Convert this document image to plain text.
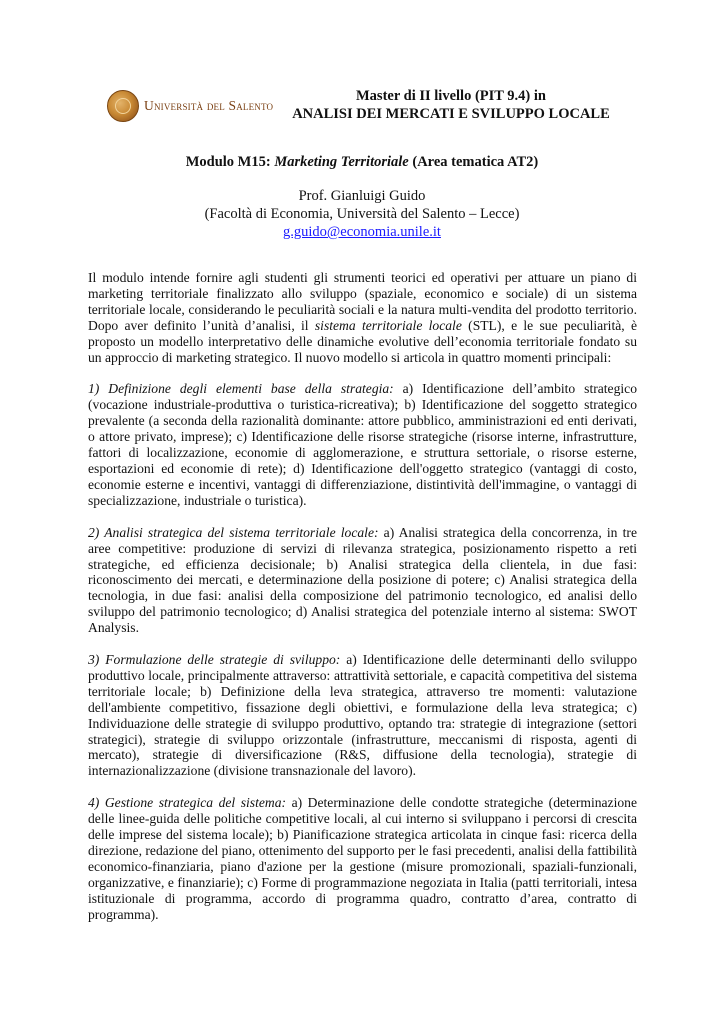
Università del Salento
Master di II livello (PIT 9.4) in
ANALISI DEI MERCATI E SVILUPPO LOCALE
Modulo M15: Marketing Territoriale (Area tematica AT2)
Prof. Gianluigi Guido
(Facoltà di Economia, Università del Salento – Lecce)
g.guido@economia.unile.it

Il modulo intende fornire agli studenti gli strumenti teorici ed operativi per attuare un piano di marketing territoriale finalizzato allo sviluppo (spaziale, economico e sociale) di un sistema territoriale locale, considerando le peculiarità sociali e la natura multi-vendita del prodotto territorio. Dopo aver definito l’unità d’analisi, il sistema territoriale locale (STL), e le sue peculiarità, è proposto un modello interpretativo delle dinamiche evolutive dell’economia territoriale fondato su un approccio di marketing strategico. Il nuovo modello si articola in quattro momenti principali:

1) Definizione degli elementi base della strategia: a) Identificazione dell’ambito strategico (vocazione industriale-produttiva o turistica-ricreativa); b) Identificazione del soggetto strategico prevalente (a seconda della razionalità dominante: attore pubblico, amministrazioni ed enti derivati, o attore privato, imprese); c) Identificazione delle risorse strategiche (risorse interne, infrastrutture, fattori di localizzazione, economie di agglomerazione, e struttura settoriale, o risorse esterne, esportazioni ed economie di rete); d) Identificazione dell'oggetto strategico (vantaggi di costo, economie esterne e incentivi, vantaggi di differenziazione, distintività dell'immagine, o vantaggi di specializzazione, industriale o turistica).

2) Analisi strategica del sistema territoriale locale: a) Analisi strategica della concorrenza, in tre aree competitive: produzione di servizi di rilevanza strategica, posizionamento rispetto a reti strategiche, ed efficienza decisionale; b) Analisi strategica della clientela, in due fasi: riconoscimento dei mercati, e determinazione della posizione di potere; c) Analisi strategica della tecnologia, in due fasi: analisi della composizione del patrimonio tecnologico, ed analisi dello sviluppo del patrimonio tecnologico; d) Analisi strategica del potenziale interno al sistema: SWOT Analysis.

3) Formulazione delle strategie di sviluppo: a) Identificazione delle determinanti dello sviluppo produttivo locale, principalmente attraverso: attrattività settoriale, e capacità competitiva del sistema territoriale locale; b) Definizione della leva strategica, attraverso tre momenti: valutazione dell'ambiente competitivo, fissazione degli obiettivi, e formulazione della leva strategica; c) Individuazione delle strategie di sviluppo produttivo, optando tra: strategie di integrazione (settori strategici), strategie di sviluppo orizzontale (infrastrutture, meccanismi di risposta, agenti di mercato), strategie di diversificazione (R&S, diffusione della tecnologia), strategie di internazionalizzazione (divisione transnazionale del lavoro).

4) Gestione strategica del sistema: a) Determinazione delle condotte strategiche (determinazione delle linee-guida delle politiche competitive locali, al cui interno si sviluppano i percorsi di crescita delle imprese del sistema locale); b) Pianificazione strategica articolata in cinque fasi: ricerca della direzione, redazione del piano, ottenimento del supporto per le fasi precedenti, analisi della fattibilità economico-finanziaria, piano d'azione per la gestione (misure promozionali, spaziali-funzionali, organizzative, e finanziarie); c) Forme di programmazione negoziata in Italia (patti territoriali, intesa istituzionale di programma, accordo di programma quadro, contratto d’area, contratto di programma).
